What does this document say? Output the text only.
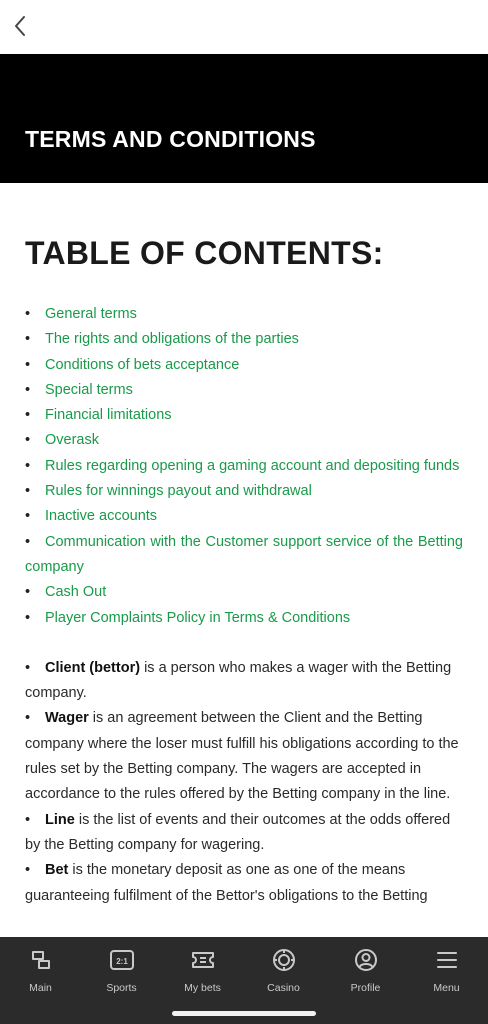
TERMS AND CONDITIONS
TABLE OF CONTENTS:
• General terms
• The rights and obligations of the parties
• Conditions of bets acceptance
• Special terms
• Financial limitations
• Overask
• Rules regarding opening a gaming account and depositing funds
• Rules for winnings payout and withdrawal
• Inactive accounts
• Communication with the Customer support service of the Betting company
• Cash Out
• Player Complaints Policy in Terms & Conditions

• Client (bettor) is a person who makes a wager with the Betting company.

• Wager is an agreement between the Client and the Betting company where the loser must fulfill his obligations according to the rules set by the Betting company. The wagers are accepted in accordance to the rules offered by the Betting company in the line.

• Line is the list of events and their outcomes at the odds offered by the Betting company for wagering.

• Bet is the monetary deposit as one as one of the means guaranteeing fulfilment of the Bettor's obligations to the Betting

Main
2:1
Sports	My bets	Casino	Profile	Menu
